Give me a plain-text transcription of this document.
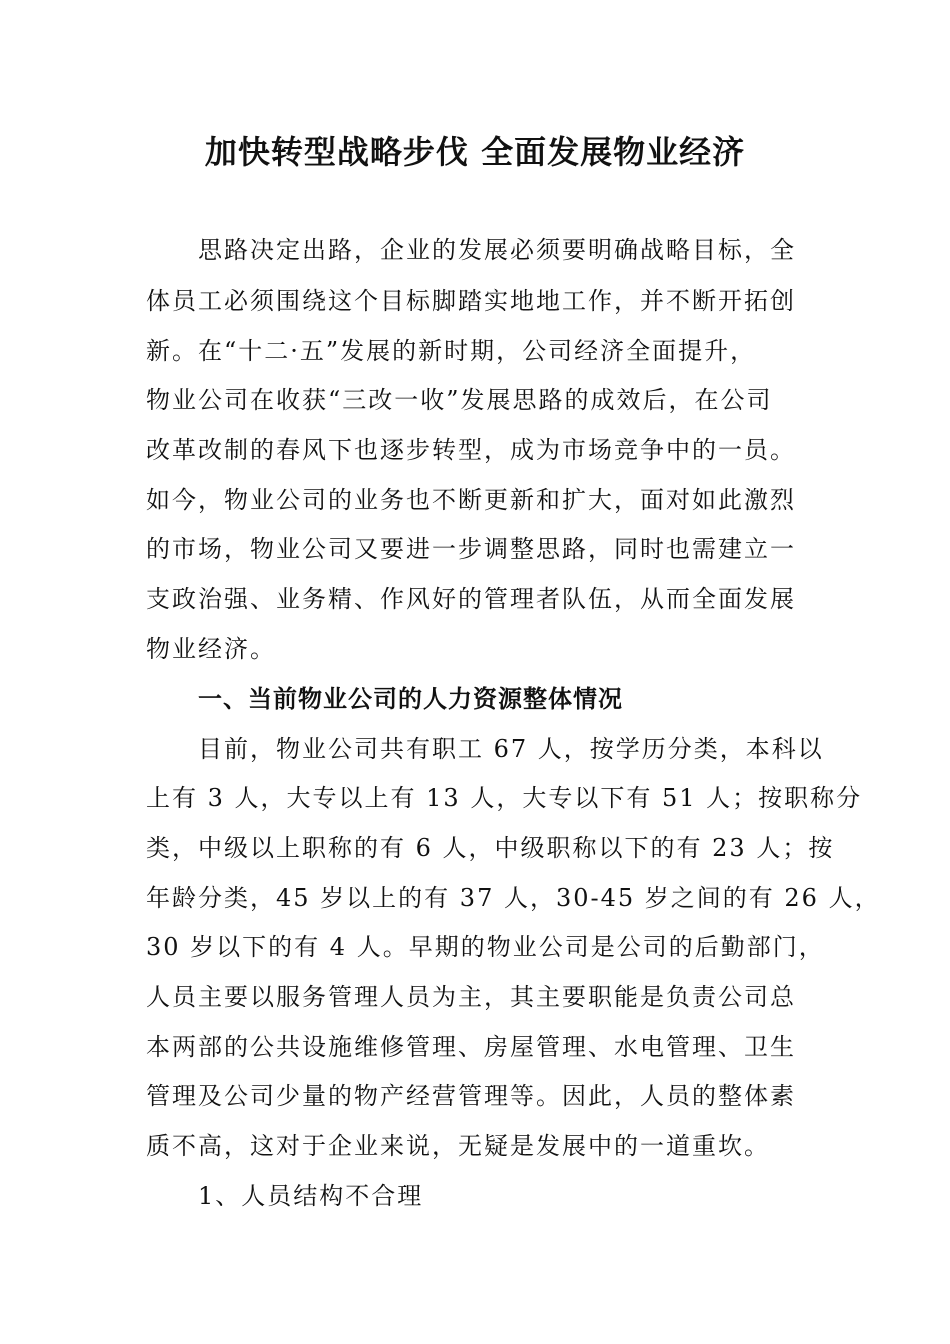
加快转型战略步伐 全面发展物业经济
思路决定出路，企业的发展必须要明确战略目标，全
体员工必须围绕这个目标脚踏实地地工作，并不断开拓创
新。在“十二·五”发展的新时期，公司经济全面提升，
物业公司在收获“三改一收”发展思路的成效后，在公司
改革改制的春风下也逐步转型，成为市场竞争中的一员。
如今，物业公司的业务也不断更新和扩大，面对如此激烈
的市场，物业公司又要进一步调整思路，同时也需建立一
支政治强、业务精、作风好的管理者队伍，从而全面发展
物业经济。
一、当前物业公司的人力资源整体情况
目前，物业公司共有职工 67 人，按学历分类，本科以
上有 3 人，大专以上有 13 人，大专以下有 51 人；按职称分
类，中级以上职称的有 6 人，中级职称以下的有 23 人；按
年龄分类，45 岁以上的有 37 人，30-45 岁之间的有 26 人，
30 岁以下的有 4 人。早期的物业公司是公司的后勤部门，
人员主要以服务管理人员为主，其主要职能是负责公司总
本两部的公共设施维修管理、房屋管理、水电管理、卫生
管理及公司少量的物产经营管理等。因此，人员的整体素
质不高，这对于企业来说，无疑是发展中的一道重坎。
1、人员结构不合理
